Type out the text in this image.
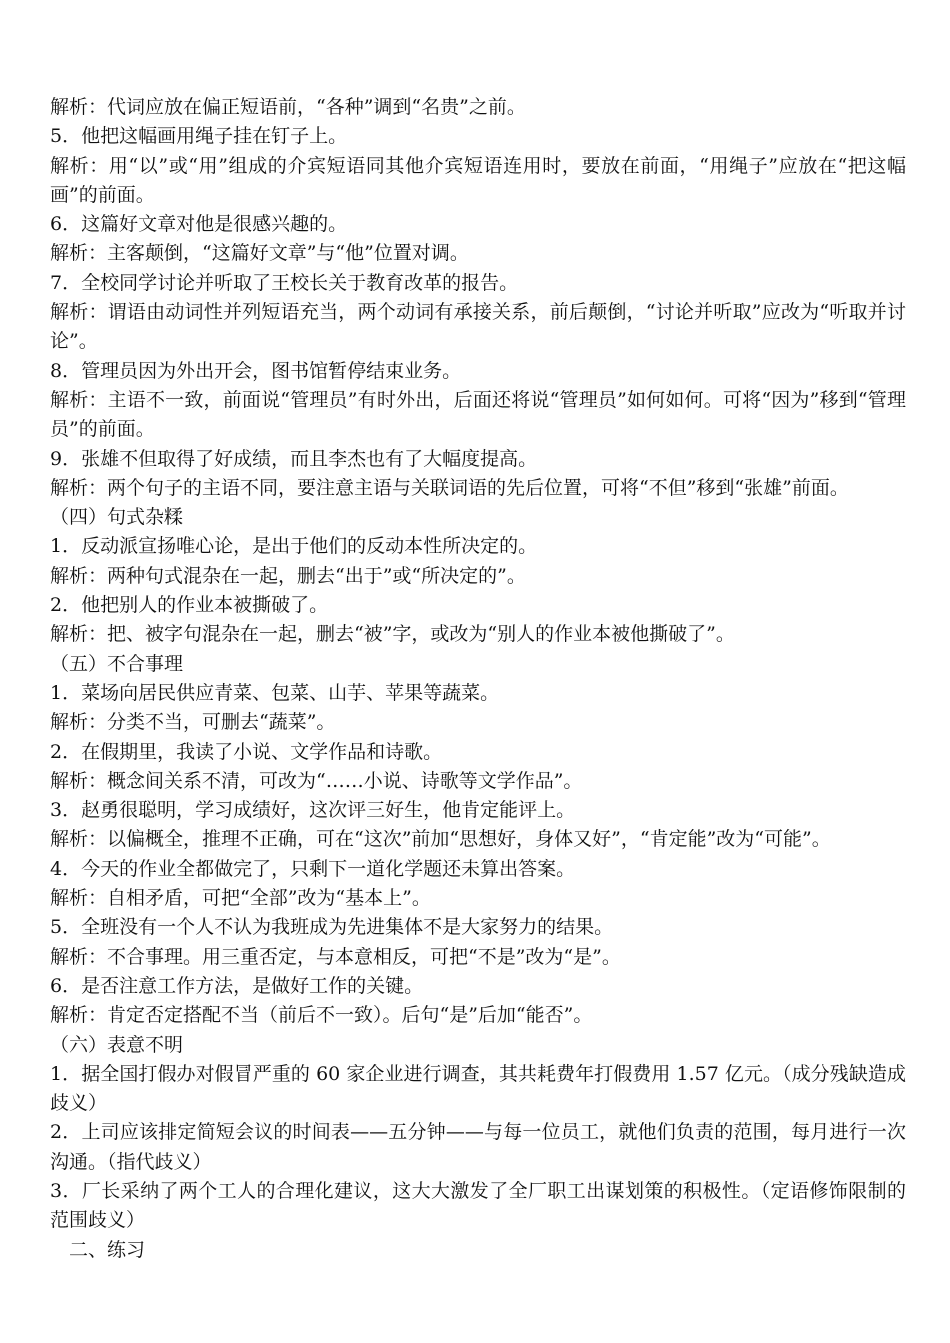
解析：代词应放在偏正短语前，“各种”调到“名贵”之前。

5．他把这幅画用绳子挂在钉子上。

解析：用“以”或“用”组成的介宾短语同其他介宾短语连用时，要放在前面，“用绳子”应放在“把这幅画”的前面。

6．这篇好文章对他是很感兴趣的。

解析：主客颠倒，“这篇好文章”与“他”位置对调。

7．全校同学讨论并听取了王校长关于教育改革的报告。

解析：谓语由动词性并列短语充当，两个动词有承接关系，前后颠倒，“讨论并听取”应改为“听取并讨论”。

8．管理员因为外出开会，图书馆暂停结束业务。

解析：主语不一致，前面说“管理员”有时外出，后面还将说“管理员”如何如何。可将“因为”移到“管理员”的前面。

9．张雄不但取得了好成绩，而且李杰也有了大幅度提高。

解析：两个句子的主语不同，要注意主语与关联词语的先后位置，可将“不但”移到“张雄”前面。

（四）句式杂糅

1．反动派宣扬唯心论，是出于他们的反动本性所决定的。

解析：两种句式混杂在一起，删去“出于”或“所决定的”。

2．他把别人的作业本被撕破了。

解析：把、被字句混杂在一起，删去“被”字，或改为“别人的作业本被他撕破了”。

（五）不合事理

1．菜场向居民供应青菜、包菜、山芋、苹果等蔬菜。

解析：分类不当，可删去“蔬菜”。

2．在假期里，我读了小说、文学作品和诗歌。

解析：概念间关系不清，可改为“……小说、诗歌等文学作品”。

3．赵勇很聪明，学习成绩好，这次评三好生，他肯定能评上。

解析：以偏概全，推理不正确，可在“这次”前加“思想好，身体又好”，“肯定能”改为“可能”。

4．今天的作业全都做完了，只剩下一道化学题还未算出答案。

解析：自相矛盾，可把“全部”改为“基本上”。

5．全班没有一个人不认为我班成为先进集体不是大家努力的结果。

解析：不合事理。用三重否定，与本意相反，可把“不是”改为“是”。

6．是否注意工作方法，是做好工作的关键。

解析：肯定否定搭配不当（前后不一致）。后句“是”后加“能否”。

（六）表意不明

1．据全国打假办对假冒严重的 60 家企业进行调查，其共耗费年打假费用 1.57 亿元。（成分残缺造成歧义）

2．上司应该排定简短会议的时间表——五分钟——与每一位员工，就他们负责的范围，每月进行一次沟通。（指代歧义）

3．厂长采纳了两个工人的合理化建议，这大大激发了全厂职工出谋划策的积极性。（定语修饰限制的范围歧义）

二、练习
